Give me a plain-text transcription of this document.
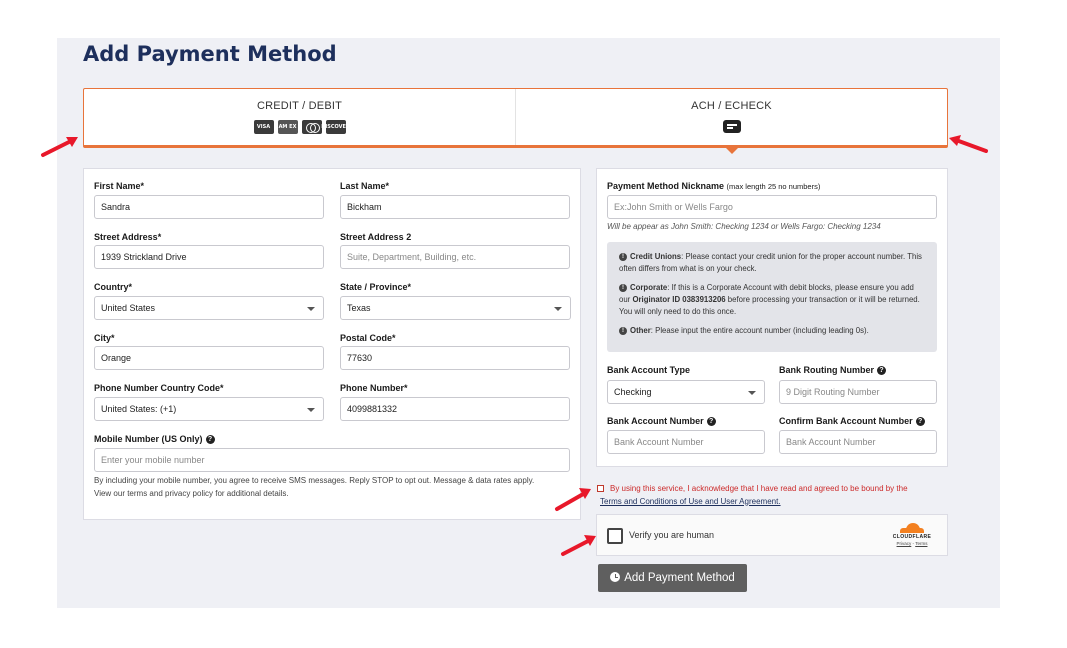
Add Payment Method
CREDIT / DEBIT
VISA	AM EX	DISCOVER
ACH / ECHECK
First Name*
Sandra
Last Name*
Bickham
Street Address*
1939 Strickland Drive
Street Address 2
Suite, Department, Building, etc.
Country*
United States
State / Province*
Texas
City*
Orange
Postal Code*
77630
Phone Number Country Code*
United States: (+1)
Phone Number*
4099881332
Mobile Number (US Only) ?
Enter your mobile number
By including your mobile number, you agree to receive SMS messages. Reply STOP to opt out. Message & data rates apply.
View our terms and privacy policy for additional details.
Payment Method Nickname (max length 25 no numbers)
Ex:John Smith or Wells Fargo
Will be appear as John Smith: Checking 1234 or Wells Fargo: Checking 1234

! Credit Unions: Please contact your credit union for the proper account number. This often differs from what is on your check.

! Corporate: If this is a Corporate Account with debit blocks, please ensure you add our Originator ID 0383913206 before processing your transaction or it will be returned. You will only need to do this once.

! Other: Please input the entire account number (including leading 0s).

Bank Account Type
Checking
Bank Routing Number ?
9 Digit Routing Number
Bank Account Number ?
Bank Account Number
Confirm Bank Account Number ?
Bank Account Number
By using this service, I acknowledge that I have read and agreed to be bound by the
Terms and Conditions of Use and User Agreement.
Verify you are human	CLOUDFLARE
Privacy - Terms
Add Payment Method
